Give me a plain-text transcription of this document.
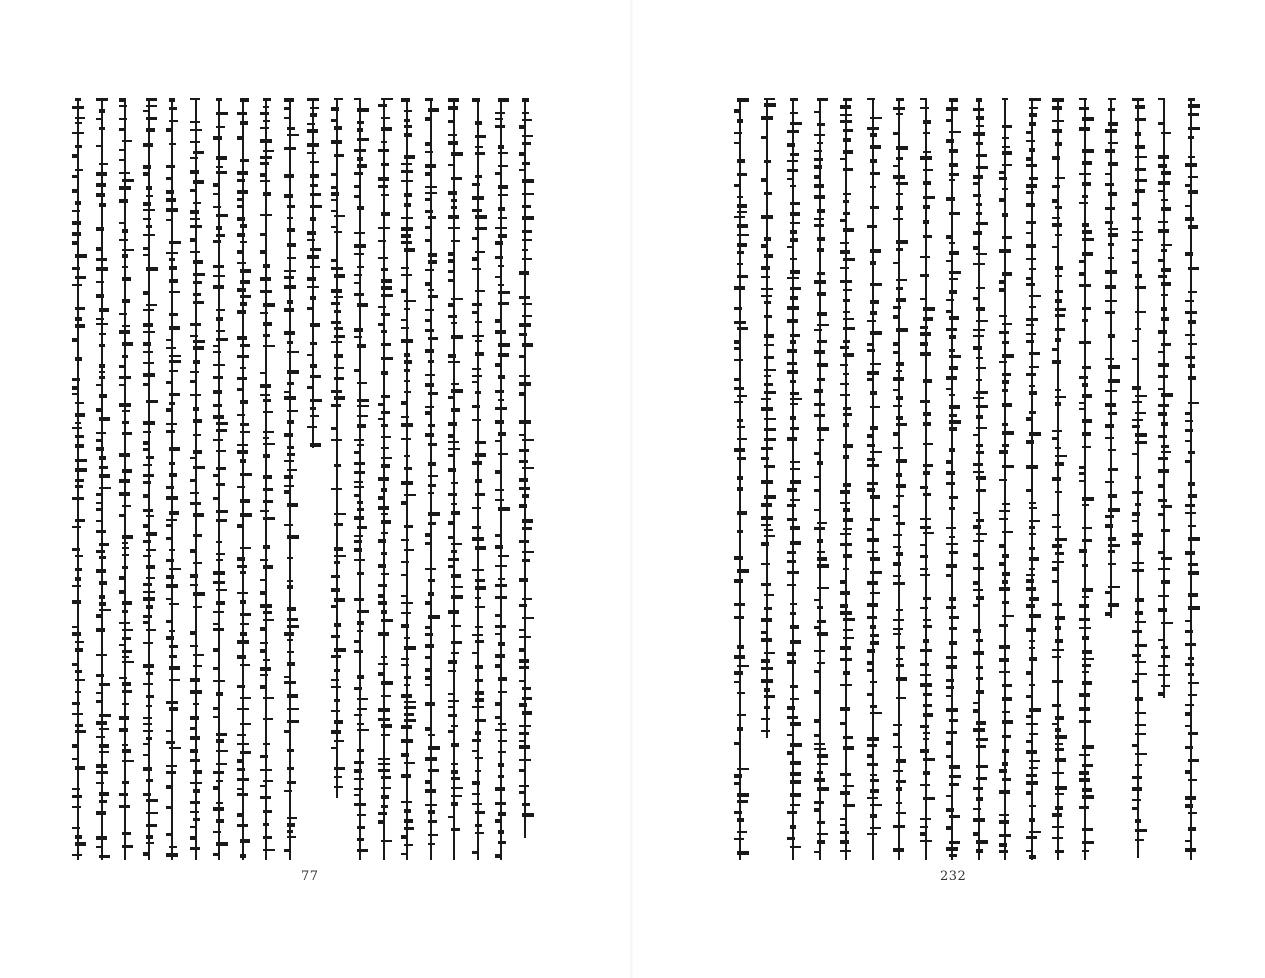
77	232
